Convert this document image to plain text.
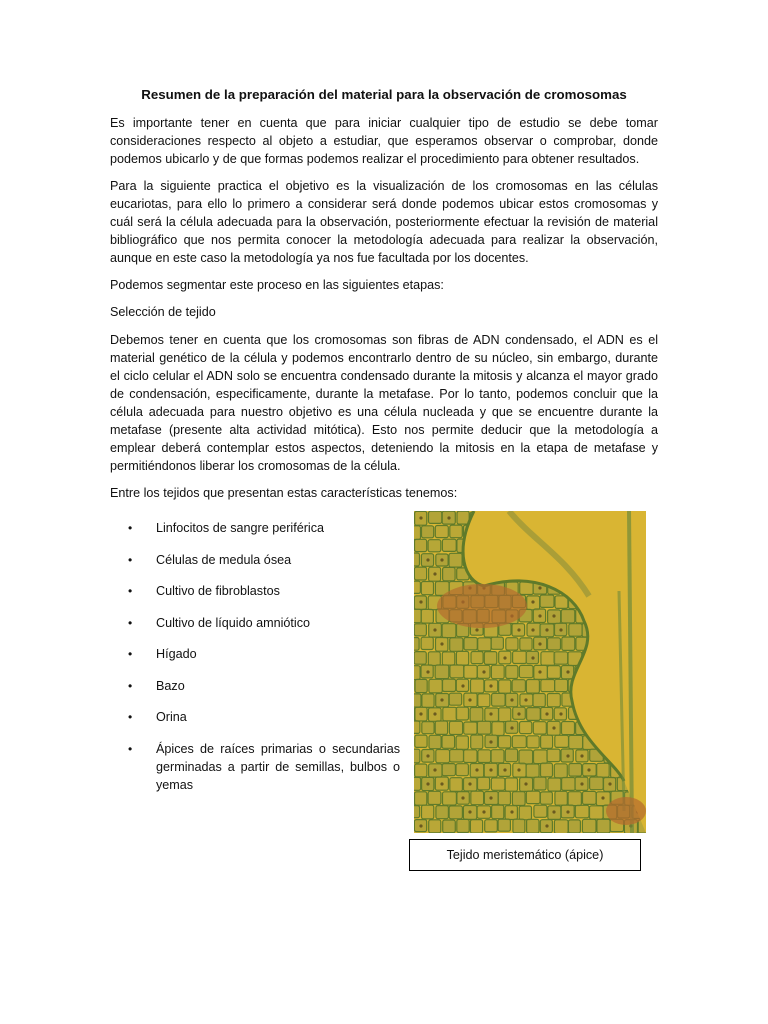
Resumen de la preparación del material para la observación de cromosomas

Es importante tener en cuenta que para iniciar cualquier tipo de estudio se debe tomar consideraciones respecto al objeto a estudiar, que esperamos observar o comprobar, donde podemos ubicarlo y de que formas podemos realizar el procedimiento para obtener resultados.

Para la siguiente practica el objetivo es la visualización de los cromosomas en las células eucariotas, para ello lo primero a considerar será donde podemos ubicar estos cromosomas y cuál será la célula adecuada para la observación, posteriormente efectuar la revisión de material bibliográfico que nos permita conocer la metodología adecuada para realizar la observación, aunque en este caso la metodología ya nos fue facultada por los docentes.

Podemos segmentar este proceso en las siguientes etapas:

Selección de tejido

Debemos tener en cuenta que los cromosomas son fibras de ADN condensado, el ADN es el material genético de la célula y podemos encontrarlo dentro de su núcleo, sin embargo, durante el ciclo celular el ADN solo se encuentra condensado durante la mitosis y alcanza el mayor grado de condensación, especificamente, durante la metafase. Por lo tanto, podemos concluir que la célula adecuada para nuestro objetivo es una célula nucleada y que se encuentre durante la metafase (presente alta actividad mitótica). Esto nos permite deducir que la metodología a emplear deberá contemplar estos aspectos, deteniendo la mitosis en la etapa de metafase y permitiéndonos liberar los cromosomas de la célula.

Entre los tejidos que presentan estas características tenemos:

• Linfocitos de sangre periférica
• Células de medula ósea
• Cultivo de fibroblastos
• Cultivo de líquido amniótico
• Hígado
• Bazo
• Orina
• Ápices de raíces primarias o secundarias germinadas a partir de semillas, bulbos o yemas
Tejido meristemático (ápice)
